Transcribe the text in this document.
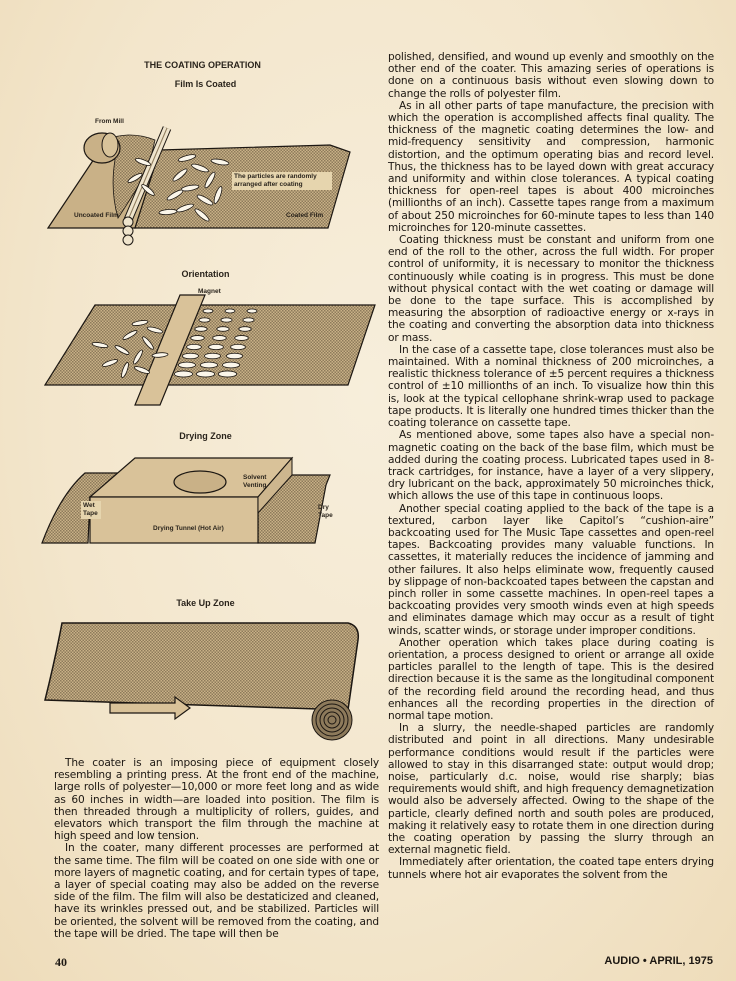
THE COATING OPERATION
Film Is Coated
From Mill
The particles are randomly arranged after coating
Uncoated Film	Coated Film
Orientation
Magnet
Drying Zone
Solvent Venting
Wet Tape
Dry Tape
Drying Tunnel (Hot Air)
Take Up Zone

The coater is an imposing piece of equipment closely resembling a printing press. At the front end of the machine, large rolls of polyester—10,000 or more feet long and as wide as 60 inches in width—are loaded into position. The film is then threaded through a multiplicity of rollers, guides, and elevators which transport the film through the machine at high speed and low tension.

In the coater, many different processes are performed at the same time. The film will be coated on one side with one or more layers of magnetic coating, and for certain types of tape, a layer of special coating may also be added on the reverse side of the film. The film will also be destaticized and cleaned, have its wrinkles pressed out, and be stabilized. Particles will be oriented, the solvent will be removed from the coating, and the tape will be dried. The tape will then be

polished, densified, and wound up evenly and smoothly on the other end of the coater. This amazing series of operations is done on a continuous basis without even slowing down to change the rolls of polyester film.

As in all other parts of tape manufacture, the precision with which the operation is accomplished affects final quality. The thickness of the magnetic coating determines the low- and mid-frequency sensitivity and compression, harmonic distortion, and the optimum operating bias and record level. Thus, the thickness has to be layed down with great accuracy and uniformity and within close tolerances. A typical coating thickness for open-reel tapes is about 400 microinches (millionths of an inch). Cassette tapes range from a maximum of about 250 microinches for 60-minute tapes to less than 140 microinches for 120-minute cassettes.

Coating thickness must be constant and uniform from one end of the roll to the other, across the full width. For proper control of uniformity, it is necessary to monitor the thickness continuously while coating is in progress. This must be done without physical contact with the wet coating or damage will be done to the tape surface. This is accomplished by measuring the absorption of radioactive energy or x-rays in the coating and converting the absorption data into thickness or mass.

In the case of a cassette tape, close tolerances must also be maintained. With a nominal thickness of 200 microinches, a realistic thickness tolerance of ±5 percent requires a thickness control of ±10 millionths of an inch. To visualize how thin this is, look at the typical cellophane shrink-wrap used to package tape products. It is literally one hundred times thicker than the coating tolerance on cassette tape.

As mentioned above, some tapes also have a special non-magnetic coating on the back of the base film, which must be added during the coating process. Lubricated tapes used in 8-track cartridges, for instance, have a layer of a very slippery, dry lubricant on the back, approximately 50 microinches thick, which allows the use of this tape in continuous loops.

Another special coating applied to the back of the tape is a textured, carbon layer like Capitol’s “cushion-aire” backcoating used for The Music Tape cassettes and open-reel tapes. Backcoating provides many valuable functions. In cassettes, it materially reduces the incidence of jamming and other failures. It also helps eliminate wow, frequently caused by slippage of non-backcoated tapes between the capstan and pinch roller in some cassette machines. In open-reel tapes a backcoating provides very smooth winds even at high speeds and eliminates damage which may occur as a result of tight winds, scatter winds, or storage under improper conditions.

Another operation which takes place during coating is orientation, a process designed to orient or arrange all oxide particles parallel to the length of tape. This is the desired direction because it is the same as the longitudinal component of the recording field around the recording head, and thus enhances all the recording properties in the direction of normal tape motion.

In a slurry, the needle-shaped particles are randomly distributed and point in all directions. Many undesirable performance conditions would result if the particles were allowed to stay in this disarranged state: output would drop; noise, particularly d.c. noise, would rise sharply; bias requirements would shift, and high frequency demagnetization would also be adversely affected. Owing to the shape of the particle, clearly defined north and south poles are produced, making it relatively easy to rotate them in one direction during the coating operation by passing the slurry through an external magnetic field.

Immediately after orientation, the coated tape enters drying tunnels where hot air evaporates the solvent from the

40	AUDIO • APRIL, 1975
